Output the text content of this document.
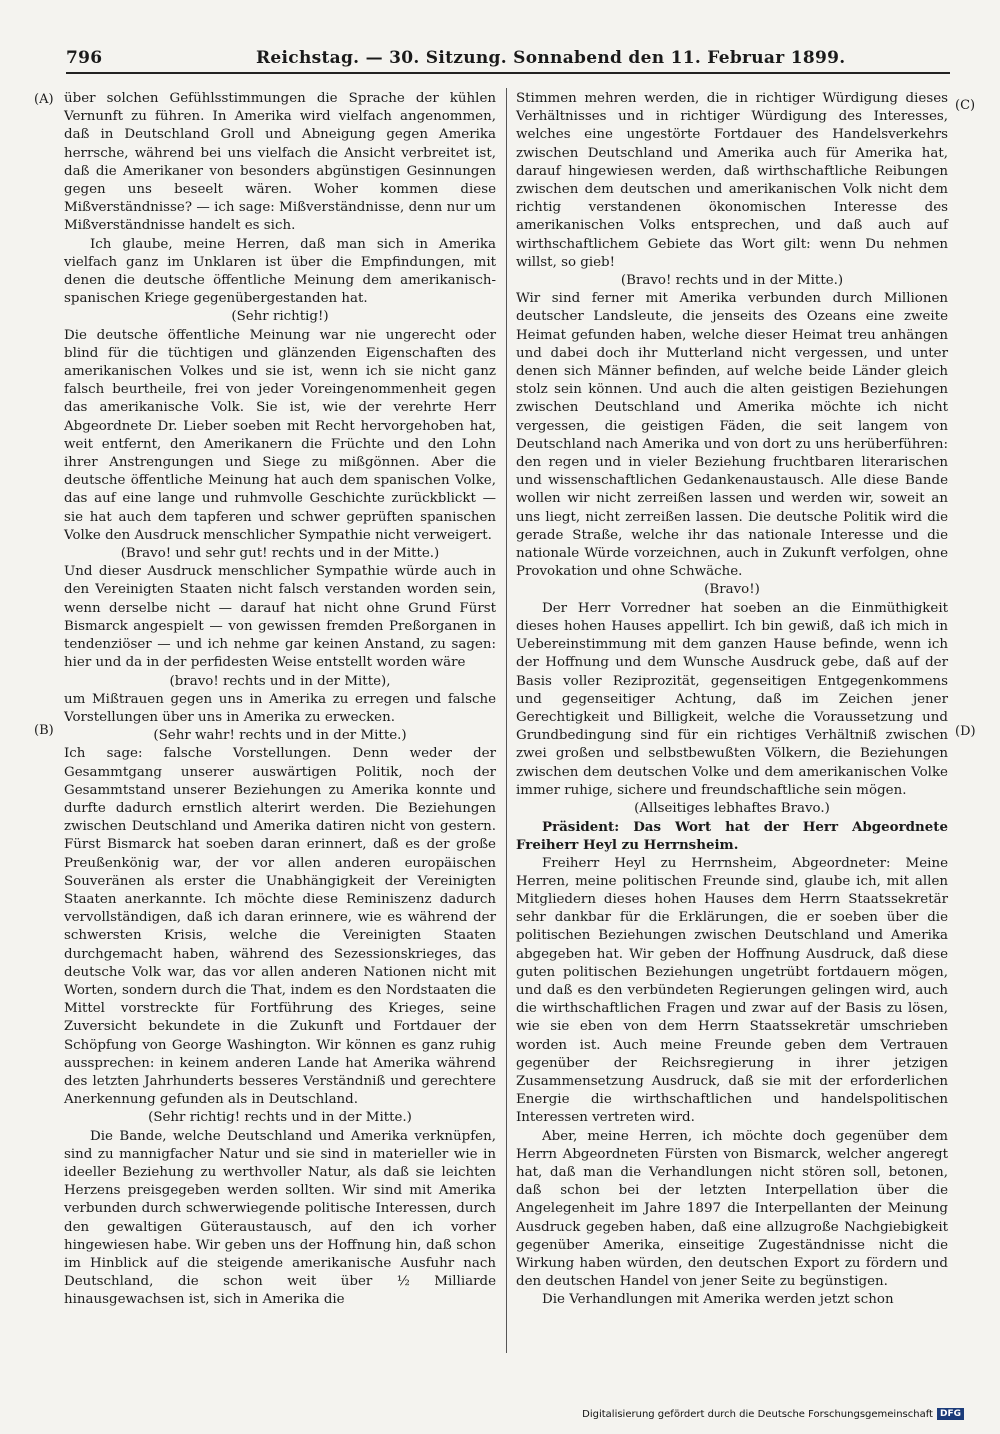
796	Reichstag. — 30. Sitzung. Sonnabend den 11. Februar 1899.
(A)
(B)
(C)
(D)

über solchen Gefühlsstimmungen die Sprache der kühlen Vernunft zu führen. In Amerika wird vielfach angenommen, daß in Deutschland Groll und Abneigung gegen Amerika herrsche, während bei uns vielfach die Ansicht verbreitet ist, daß die Amerikaner von besonders abgünstigen Gesinnungen gegen uns beseelt wären. Woher kommen diese Mißverständnisse? — ich sage: Mißverständnisse, denn nur um Mißverständnisse handelt es sich.

Ich glaube, meine Herren, daß man sich in Amerika vielfach ganz im Unklaren ist über die Empfindungen, mit denen die deutsche öffentliche Meinung dem amerikanisch-spanischen Kriege gegenübergestanden hat.

(Sehr richtig!)

Die deutsche öffentliche Meinung war nie ungerecht oder blind für die tüchtigen und glänzenden Eigenschaften des amerikanischen Volkes und sie ist, wenn ich sie nicht ganz falsch beurtheile, frei von jeder Voreingenommenheit gegen das amerikanische Volk. Sie ist, wie der verehrte Herr Abgeordnete Dr. Lieber soeben mit Recht hervorgehoben hat, weit entfernt, den Amerikanern die Früchte und den Lohn ihrer Anstrengungen und Siege zu mißgönnen. Aber die deutsche öffentliche Meinung hat auch dem spanischen Volke, das auf eine lange und ruhmvolle Geschichte zurückblickt — sie hat auch dem tapferen und schwer geprüften spanischen Volke den Ausdruck menschlicher Sympathie nicht verweigert.

(Bravo! und sehr gut! rechts und in der Mitte.)

Und dieser Ausdruck menschlicher Sympathie würde auch in den Vereinigten Staaten nicht falsch verstanden worden sein, wenn derselbe nicht — darauf hat nicht ohne Grund Fürst Bismarck angespielt — von gewissen fremden Preßorganen in tendenziöser — und ich nehme gar keinen Anstand, zu sagen: hier und da in der perfidesten Weise entstellt worden wäre

(bravo! rechts und in der Mitte),

um Mißtrauen gegen uns in Amerika zu erregen und falsche Vorstellungen über uns in Amerika zu erwecken.

(Sehr wahr! rechts und in der Mitte.)

Ich sage: falsche Vorstellungen. Denn weder der Gesammtgang unserer auswärtigen Politik, noch der Gesammtstand unserer Beziehungen zu Amerika konnte und durfte dadurch ernstlich alterirt werden. Die Beziehungen zwischen Deutschland und Amerika datiren nicht von gestern. Fürst Bismarck hat soeben daran erinnert, daß es der große Preußenkönig war, der vor allen anderen europäischen Souveränen als erster die Unabhängigkeit der Vereinigten Staaten anerkannte. Ich möchte diese Reminiszenz dadurch vervollständigen, daß ich daran erinnere, wie es während der schwersten Krisis, welche die Vereinigten Staaten durchgemacht haben, während des Sezessionskrieges, das deutsche Volk war, das vor allen anderen Nationen nicht mit Worten, sondern durch die That, indem es den Nordstaaten die Mittel vorstreckte für Fortführung des Krieges, seine Zuversicht bekundete in die Zukunft und Fortdauer der Schöpfung von George Washington. Wir können es ganz ruhig aussprechen: in keinem anderen Lande hat Amerika während des letzten Jahrhunderts besseres Verständniß und gerechtere Anerkennung gefunden als in Deutschland.

(Sehr richtig! rechts und in der Mitte.)

Die Bande, welche Deutschland und Amerika verknüpfen, sind zu mannigfacher Natur und sie sind in materieller wie in ideeller Beziehung zu werthvoller Natur, als daß sie leichten Herzens preisgegeben werden sollten. Wir sind mit Amerika verbunden durch schwerwiegende politische Interessen, durch den gewaltigen Güteraustausch, auf den ich vorher hingewiesen habe. Wir geben uns der Hoffnung hin, daß schon im Hinblick auf die steigende amerikanische Ausfuhr nach Deutschland, die schon weit über ½ Milliarde hinausgewachsen ist, sich in Amerika die

Stimmen mehren werden, die in richtiger Würdigung dieses Verhältnisses und in richtiger Würdigung des Interesses, welches eine ungestörte Fortdauer des Handelsverkehrs zwischen Deutschland und Amerika auch für Amerika hat, darauf hingewiesen werden, daß wirthschaftliche Reibungen zwischen dem deutschen und amerikanischen Volk nicht dem richtig verstandenen ökonomischen Interesse des amerikanischen Volks entsprechen, und daß auch auf wirthschaftlichem Gebiete das Wort gilt: wenn Du nehmen willst, so gieb!

(Bravo! rechts und in der Mitte.)

Wir sind ferner mit Amerika verbunden durch Millionen deutscher Landsleute, die jenseits des Ozeans eine zweite Heimat gefunden haben, welche dieser Heimat treu anhängen und dabei doch ihr Mutterland nicht vergessen, und unter denen sich Männer befinden, auf welche beide Länder gleich stolz sein können. Und auch die alten geistigen Beziehungen zwischen Deutschland und Amerika möchte ich nicht vergessen, die geistigen Fäden, die seit langem von Deutschland nach Amerika und von dort zu uns herüberführen: den regen und in vieler Beziehung fruchtbaren literarischen und wissenschaftlichen Gedankenaustausch. Alle diese Bande wollen wir nicht zerreißen lassen und werden wir, soweit an uns liegt, nicht zerreißen lassen. Die deutsche Politik wird die gerade Straße, welche ihr das nationale Interesse und die nationale Würde vorzeichnen, auch in Zukunft verfolgen, ohne Provokation und ohne Schwäche.

(Bravo!)

Der Herr Vorredner hat soeben an die Einmüthigkeit dieses hohen Hauses appellirt. Ich bin gewiß, daß ich mich in Uebereinstimmung mit dem ganzen Hause befinde, wenn ich der Hoffnung und dem Wunsche Ausdruck gebe, daß auf der Basis voller Reziprozität, gegenseitigen Entgegenkommens und gegenseitiger Achtung, daß im Zeichen jener Gerechtigkeit und Billigkeit, welche die Voraussetzung und Grundbedingung sind für ein richtiges Verhältniß zwischen zwei großen und selbstbewußten Völkern, die Beziehungen zwischen dem deutschen Volke und dem amerikanischen Volke immer ruhige, sichere und freundschaftliche sein mögen.

(Allseitiges lebhaftes Bravo.)

Präsident: Das Wort hat der Herr Abgeordnete Freiherr Heyl zu Herrnsheim.

Freiherr Heyl zu Herrnsheim, Abgeordneter: Meine Herren, meine politischen Freunde sind, glaube ich, mit allen Mitgliedern dieses hohen Hauses dem Herrn Staatssekretär sehr dankbar für die Erklärungen, die er soeben über die politischen Beziehungen zwischen Deutschland und Amerika abgegeben hat. Wir geben der Hoffnung Ausdruck, daß diese guten politischen Beziehungen ungetrübt fortdauern mögen, und daß es den verbündeten Regierungen gelingen wird, auch die wirthschaftlichen Fragen und zwar auf der Basis zu lösen, wie sie eben von dem Herrn Staatssekretär umschrieben worden ist. Auch meine Freunde geben dem Vertrauen gegenüber der Reichsregierung in ihrer jetzigen Zusammensetzung Ausdruck, daß sie mit der erforderlichen Energie die wirthschaftlichen und handelspolitischen Interessen vertreten wird.

Aber, meine Herren, ich möchte doch gegenüber dem Herrn Abgeordneten Fürsten von Bismarck, welcher angeregt hat, daß man die Verhandlungen nicht stören soll, betonen, daß schon bei der letzten Interpellation über die Angelegenheit im Jahre 1897 die Interpellanten der Meinung Ausdruck gegeben haben, daß eine allzugroße Nachgiebigkeit gegenüber Amerika, einseitige Zugeständnisse nicht die Wirkung haben würden, den deutschen Export zu fördern und den deutschen Handel von jener Seite zu begünstigen.

Die Verhandlungen mit Amerika werden jetzt schon

Digitalisierung gefördert durch die Deutsche Forschungsgemeinschaft DFG
